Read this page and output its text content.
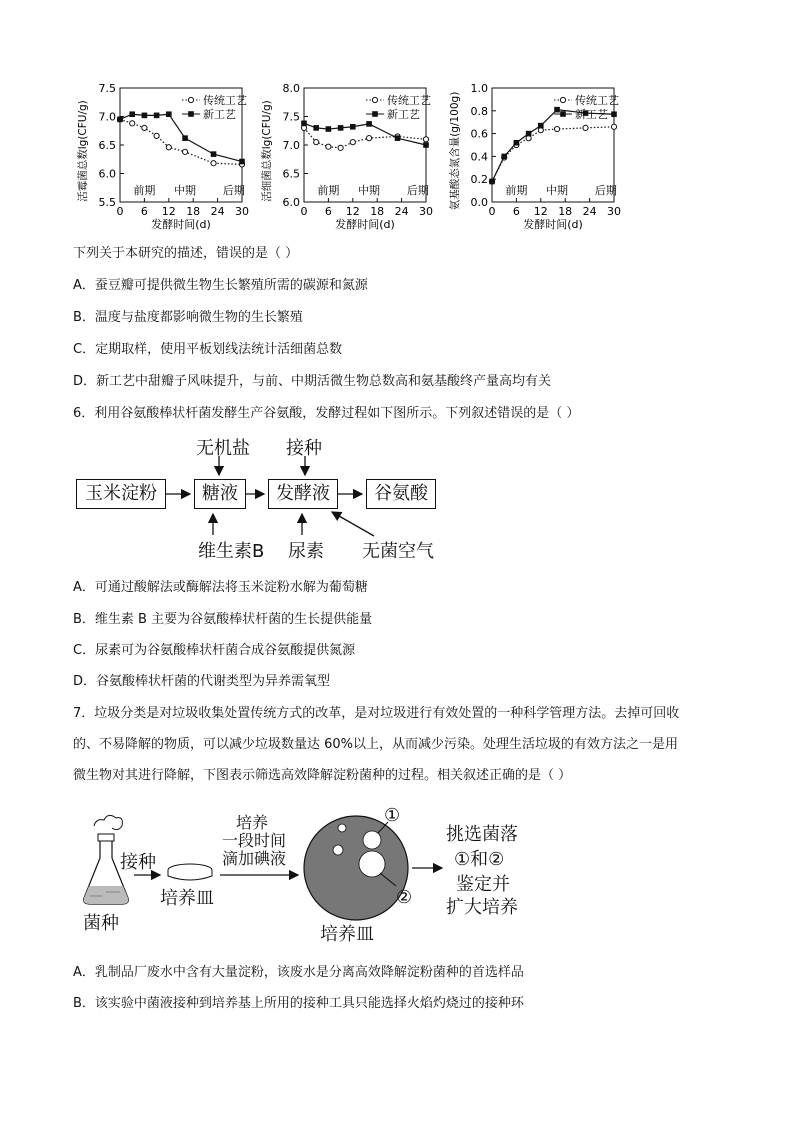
5.5
6.0
6.5
7.0
7.5
0 6 12 18 24 30
发酵时间(d)
活霉菌总数lg(CFU/g)	前期 中期 后期
传统工艺
新工艺
6.0
6.5
7.0
7.5
8.0
0 6 12 18 24 30
发酵时间(d)
活细菌总数lg(CFU/g)	前期 中期 后期
传统工艺
新工艺
0.0
0.2
0.4
0.6
0.8
1.0
0 6 12 18 24 30
发酵时间(d)
氨基酸态氮含量(g/100g)	前期 中期 后期
传统工艺
新工艺
下列关于本研究的描述，错误的是（ ）
A．蚕豆瓣可提供微生物生长繁殖所需的碳源和氮源
B．温度与盐度都影响微生物的生长繁殖
C．定期取样，使用平板划线法统计活细菌总数
D．新工艺中甜瓣子风味提升，与前、中期活微生物总数高和氨基酸终产量高均有关
6．利用谷氨酸棒状杆菌发酵生产谷氨酸，发酵过程如下图所示。下列叙述错误的是（ ）
玉米淀粉	糖液	发酵液	谷氨酸
无机盐 接种
维生素B 尿素 无菌空气
A．可通过酸解法或酶解法将玉米淀粉水解为葡萄糖
B．维生素 B 主要为谷氨酸棒状杆菌的生长提供能量
C．尿素可为谷氨酸棒状杆菌合成谷氨酸提供氮源
D．谷氨酸棒状杆菌的代谢类型为异养需氧型
7．垃圾分类是对垃圾收集处置传统方式的改革，是对垃圾进行有效处置的一种科学管理方法。去掉可回收
的、不易降解的物质，可以减少垃圾数量达 60%以上，从而减少污染。处理生活垃圾的有效方法之一是用
微生物对其进行降解，下图表示筛选高效降解淀粉菌种的过程。相关叙述正确的是（ ）
接种
菌种
培养皿
培养
一段时间
滴加碘液
培养皿
①
②
挑选菌落
①和②
鉴定并
扩大培养
A．乳制品厂废水中含有大量淀粉，该废水是分离高效降解淀粉菌种的首选样品
B．该实验中菌液接种到培养基上所用的接种工具只能选择火焰灼烧过的接种环
